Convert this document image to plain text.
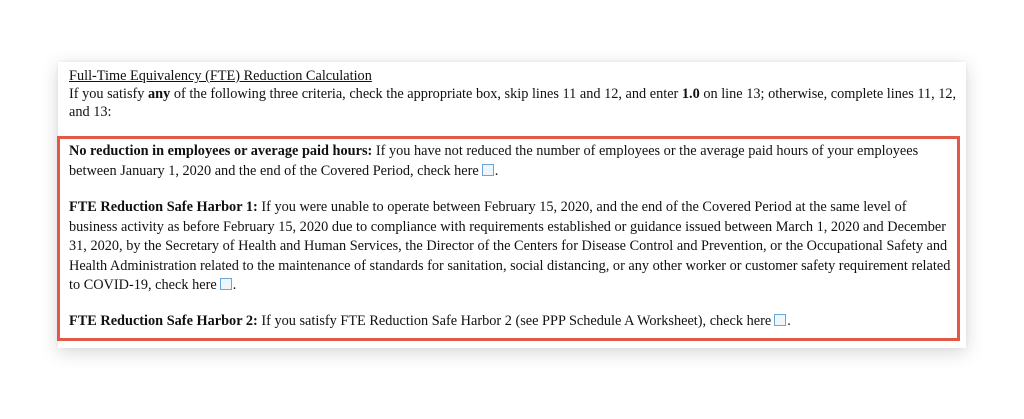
Full-Time Equivalency (FTE) Reduction Calculation
If you satisfy any of the following three criteria, check the appropriate box, skip lines 11 and 12, and enter 1.0 on line 13; otherwise, complete lines 11, 12, and 13:
No reduction in employees or average paid hours: If you have not reduced the number of employees or the average paid hours of your employees between January 1, 2020 and the end of the Covered Period, check here .
FTE Reduction Safe Harbor 1: If you were unable to operate between February 15, 2020, and the end of the Covered Period at the same level of business activity as before February 15, 2020 due to compliance with requirements established or guidance issued between March 1, 2020 and December 31, 2020, by the Secretary of Health and Human Services, the Director of the Centers for Disease Control and Prevention, or the Occupational Safety and Health Administration related to the maintenance of standards for sanitation, social distancing, or any other worker or customer safety requirement related to COVID-19, check here .
FTE Reduction Safe Harbor 2: If you satisfy FTE Reduction Safe Harbor 2 (see PPP Schedule A Worksheet), check here .
